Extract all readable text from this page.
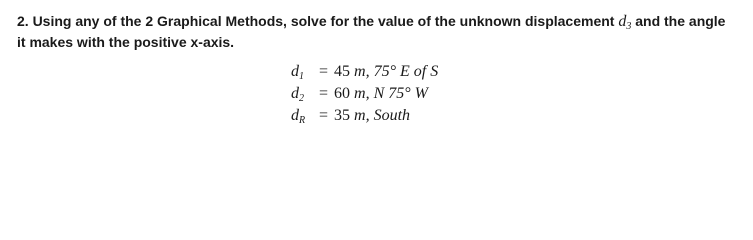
2. Using any of the 2 Graphical Methods, solve for the value of the unknown displacement $d_3$ and the angle
it makes with the positive x-axis.
$d_1 = 45$ m, 75° E of S
$d_2 = 60$ m, N 75° W
$d_R = 35$ m, South
